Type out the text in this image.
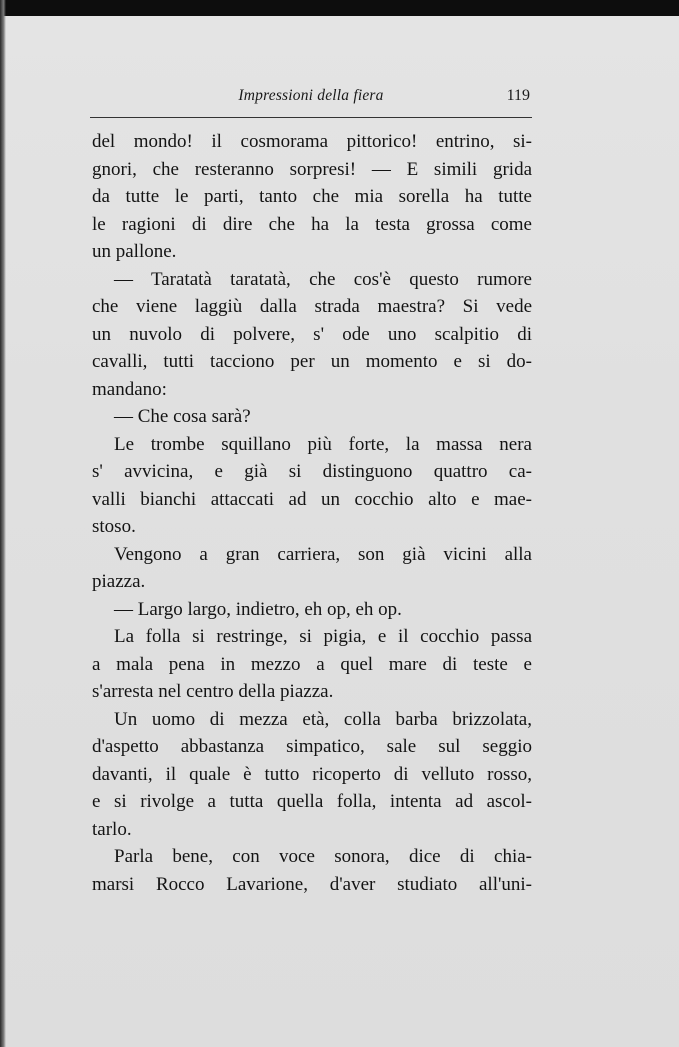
Impressioni della fiera	119
del mondo! il cosmorama pittorico! entrino, si-
gnori, che resteranno sorpresi! — E simili grida
da tutte le parti, tanto che mia sorella ha tutte
le ragioni di dire che ha la testa grossa come
un pallone.
— Taratatà taratatà, che cos'è questo rumore
che viene laggiù dalla strada maestra? Si vede
un nuvolo di polvere, s' ode uno scalpitio di
cavalli, tutti tacciono per un momento e si do-
mandano:
— Che cosa sarà?
Le trombe squillano più forte, la massa nera
s' avvicina, e già si distinguono quattro ca-
valli bianchi attaccati ad un cocchio alto e mae-
stoso.
Vengono a gran carriera, son già vicini alla
piazza.
— Largo largo, indietro, eh op, eh op.
La folla si restringe, si pigia, e il cocchio passa
a mala pena in mezzo a quel mare di teste e
s'arresta nel centro della piazza.
Un uomo di mezza età, colla barba brizzolata,
d'aspetto abbastanza simpatico, sale sul seggio
davanti, il quale è tutto ricoperto di velluto rosso,
e si rivolge a tutta quella folla, intenta ad ascol-
tarlo.
Parla bene, con voce sonora, dice di chia-
marsi Rocco Lavarione, d'aver studiato all'uni-
